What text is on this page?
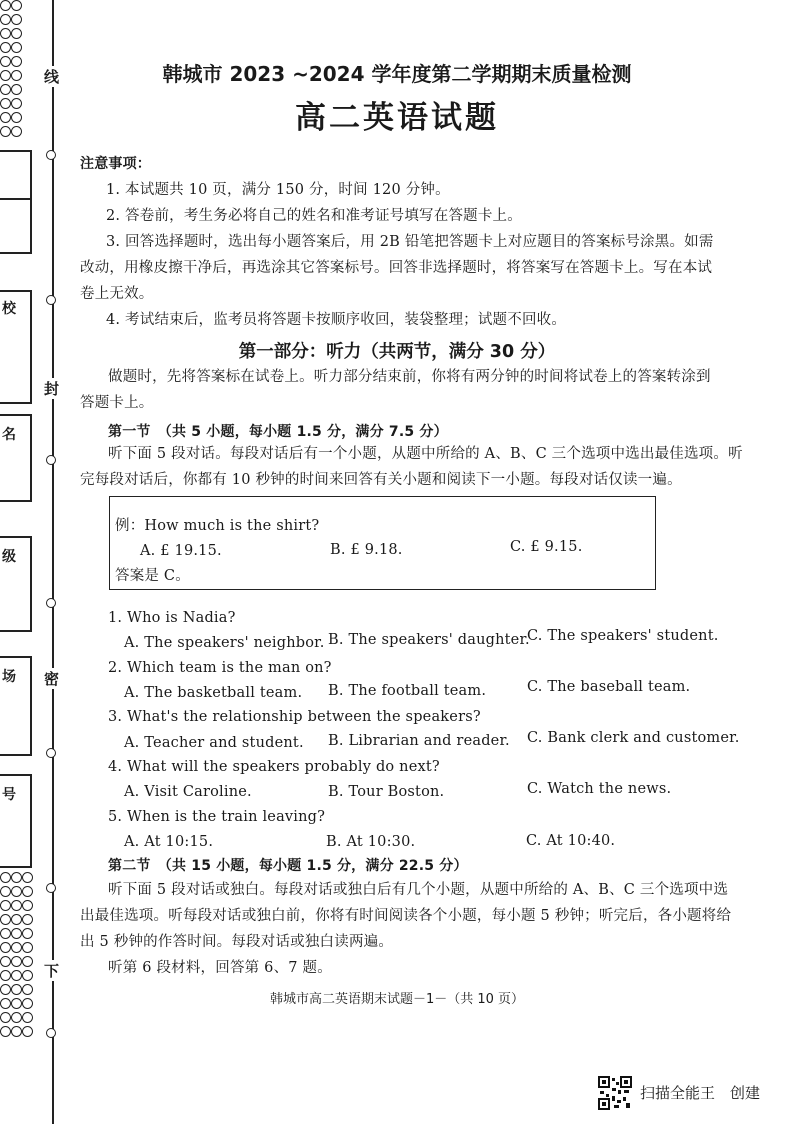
线
封
密
下
校
名
级
场
号
韩城市 2023 ~2024 学年度第二学期期末质量检测
高二英语试题
注意事项：
1. 本试题共 10 页，满分 150 分，时间 120 分钟。
2. 答卷前，考生务必将自己的姓名和准考证号填写在答题卡上。
3. 回答选择题时，选出每小题答案后，用 2B 铅笔把答题卡上对应题目的答案标号涂黑。如需
改动，用橡皮擦干净后，再选涂其它答案标号。回答非选择题时，将答案写在答题卡上。写在本试
卷上无效。
4. 考试结束后，监考员将答题卡按顺序收回，装袋整理；试题不回收。
第一部分：听力（共两节，满分 30 分）
做题时，先将答案标在试卷上。听力部分结束前，你将有两分钟的时间将试卷上的答案转涂到
答题卡上。
第一节　（共 5 小题，每小题 1.5 分，满分 7.5 分）
听下面 5 段对话。每段对话后有一个小题，从题中所给的 A、B、C 三个选项中选出最佳选项。听
完每段对话后，你都有 10 秒钟的时间来回答有关小题和阅读下一小题。每段对话仅读一遍。
例：How much is the shirt?
A. £ 19.15.	B. £ 9.18.	C. £ 9.15.
答案是 C。
1. Who is Nadia?
A. The speakers' neighbor. B. The speakers' daughter.
C. The speakers' student.
2. Which team is the man on?
A. The basketball team. B. The football team.	C. The baseball team.
3. What's the relationship between the speakers?
A. Teacher and student. B. Librarian and reader. C. Bank clerk and customer.
4. What will the speakers probably do next?
A. Visit Caroline.	B. Tour Boston.	C. Watch the news.
5. When is the train leaving?
A. At 10:15.	B. At 10:30.	C. At 10:40.
第二节　（共 15 小题，每小题 1.5 分，满分 22.5 分）
听下面 5 段对话或独白。每段对话或独白后有几个小题，从题中所给的 A、B、C 三个选项中选
出最佳选项。听每段对话或独白前，你将有时间阅读各个小题，每小题 5 秒钟；听完后，各小题将给
出 5 秒钟的作答时间。每段对话或独白读两遍。
听第 6 段材料，回答第 6、7 题。
韩城市高二英语期末试题－1－（共 10 页）
扫描全能王　创建
